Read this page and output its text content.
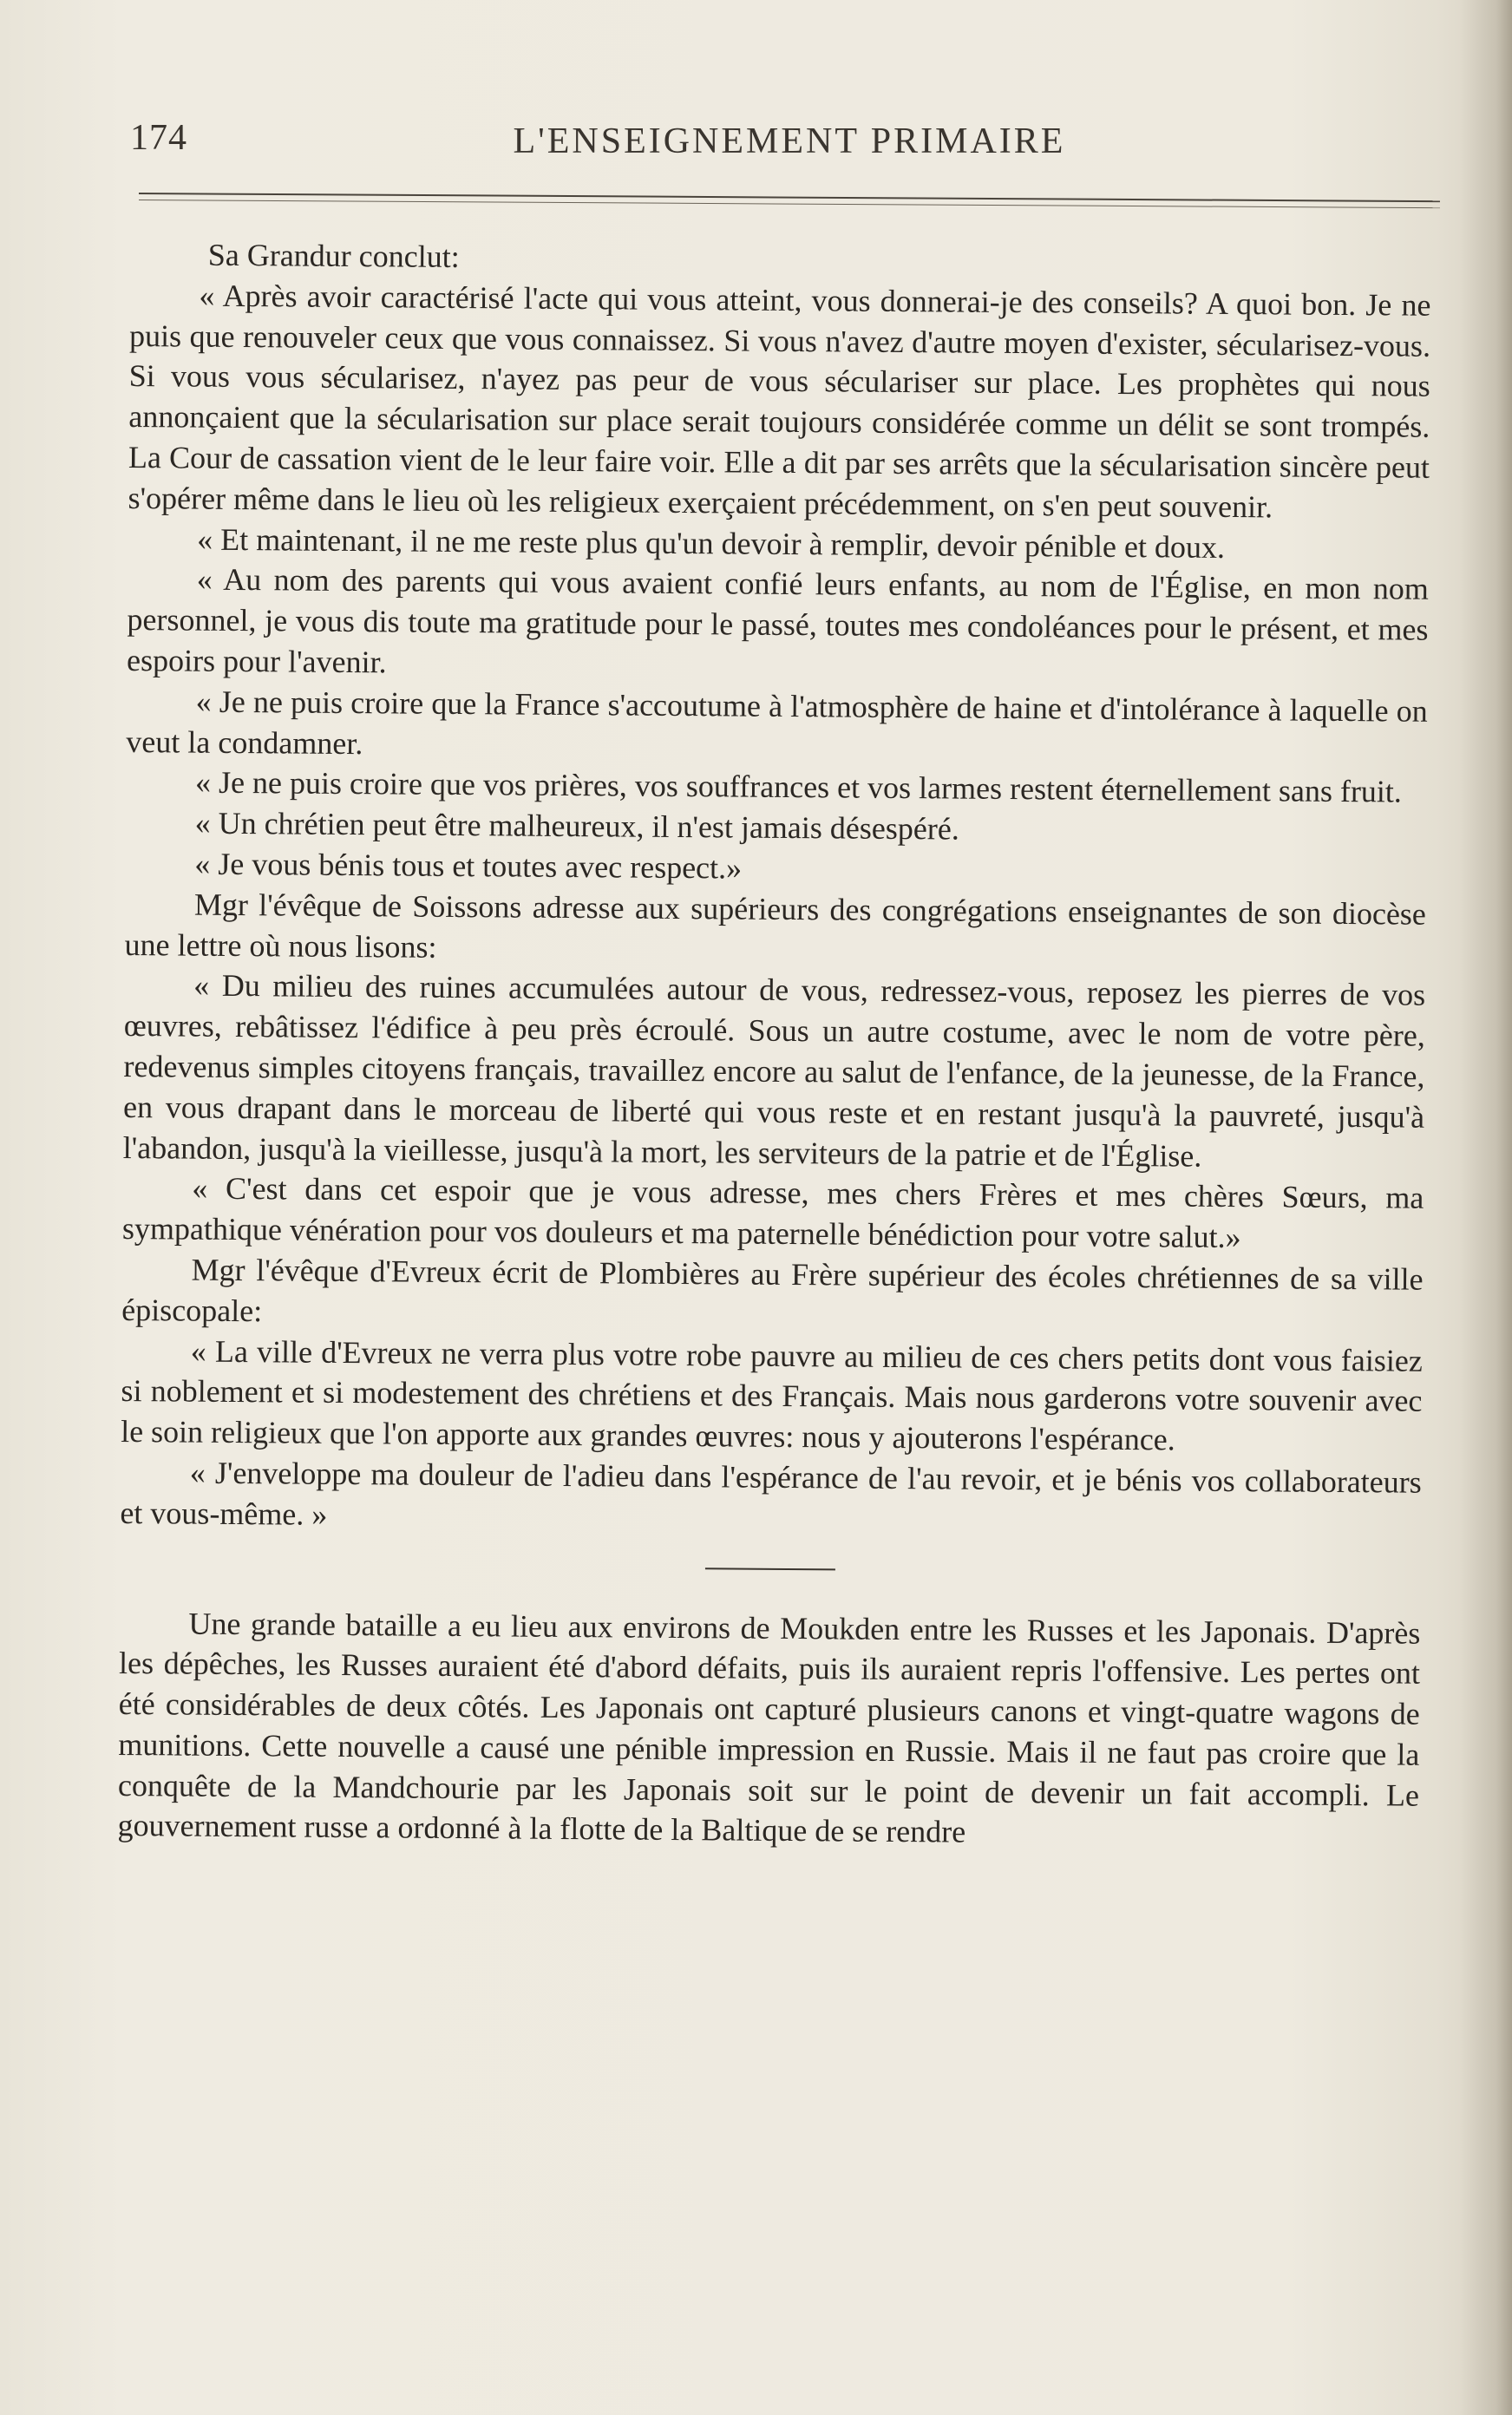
174	L'ENSEIGNEMENT PRIMAIRE

Sa Grandur conclut:

« Après avoir caractérisé l'acte qui vous atteint, vous donnerai-je des conseils? A quoi bon. Je ne puis que renouveler ceux que vous connaissez. Si vous n'avez d'autre moyen d'exister, sécularisez-vous. Si vous vous sécularisez, n'ayez pas peur de vous séculariser sur place. Les prophètes qui nous annonçaient que la sécularisation sur place serait toujours considérée comme un délit se sont trompés. La Cour de cassation vient de le leur faire voir. Elle a dit par ses arrêts que la sécularisation sincère peut s'opérer même dans le lieu où les religieux exerçaient précédemment, on s'en peut souvenir.

« Et maintenant, il ne me reste plus qu'un devoir à remplir, devoir pénible et doux.

« Au nom des parents qui vous avaient confié leurs enfants, au nom de l'Église, en mon nom personnel, je vous dis toute ma gratitude pour le passé, toutes mes condoléances pour le présent, et mes espoirs pour l'avenir.

« Je ne puis croire que la France s'accoutume à l'atmosphère de haine et d'intolérance à laquelle on veut la condamner.

« Je ne puis croire que vos prières, vos souffrances et vos larmes restent éternellement sans fruit.

« Un chrétien peut être malheureux, il n'est jamais désespéré.

« Je vous bénis tous et toutes avec respect.»

Mgr l'évêque de Soissons adresse aux supérieurs des congrégations enseignantes de son diocèse une lettre où nous lisons:

« Du milieu des ruines accumulées autour de vous, redressez-vous, reposez les pierres de vos œuvres, rebâtissez l'édifice à peu près écroulé. Sous un autre costume, avec le nom de votre père, redevenus simples citoyens français, travaillez encore au salut de l'enfance, de la jeunesse, de la France, en vous drapant dans le morceau de liberté qui vous reste et en restant jusqu'à la pauvreté, jusqu'à l'abandon, jusqu'à la vieillesse, jusqu'à la mort, les serviteurs de la patrie et de l'Église.

« C'est dans cet espoir que je vous adresse, mes chers Frères et mes chères Sœurs, ma sympathique vénération pour vos douleurs et ma paternelle bénédiction pour votre salut.»

Mgr l'évêque d'Evreux écrit de Plombières au Frère supérieur des écoles chrétiennes de sa ville épiscopale:

« La ville d'Evreux ne verra plus votre robe pauvre au milieu de ces chers petits dont vous faisiez si noblement et si modestement des chrétiens et des Français. Mais nous garderons votre souvenir avec le soin religieux que l'on apporte aux grandes œuvres: nous y ajouterons l'espérance.

« J'enveloppe ma douleur de l'adieu dans l'espérance de l'au revoir, et je bénis vos collaborateurs et vous-même. »

Une grande bataille a eu lieu aux environs de Moukden entre les Russes et les Japonais. D'après les dépêches, les Russes auraient été d'abord défaits, puis ils auraient repris l'offensive. Les pertes ont été considérables de deux côtés. Les Japonais ont capturé plusieurs canons et vingt-quatre wagons de munitions. Cette nouvelle a causé une pénible impression en Russie. Mais il ne faut pas croire que la conquête de la Mandchourie par les Japonais soit sur le point de devenir un fait accompli. Le gouvernement russe a ordonné à la flotte de la Baltique de se rendre
